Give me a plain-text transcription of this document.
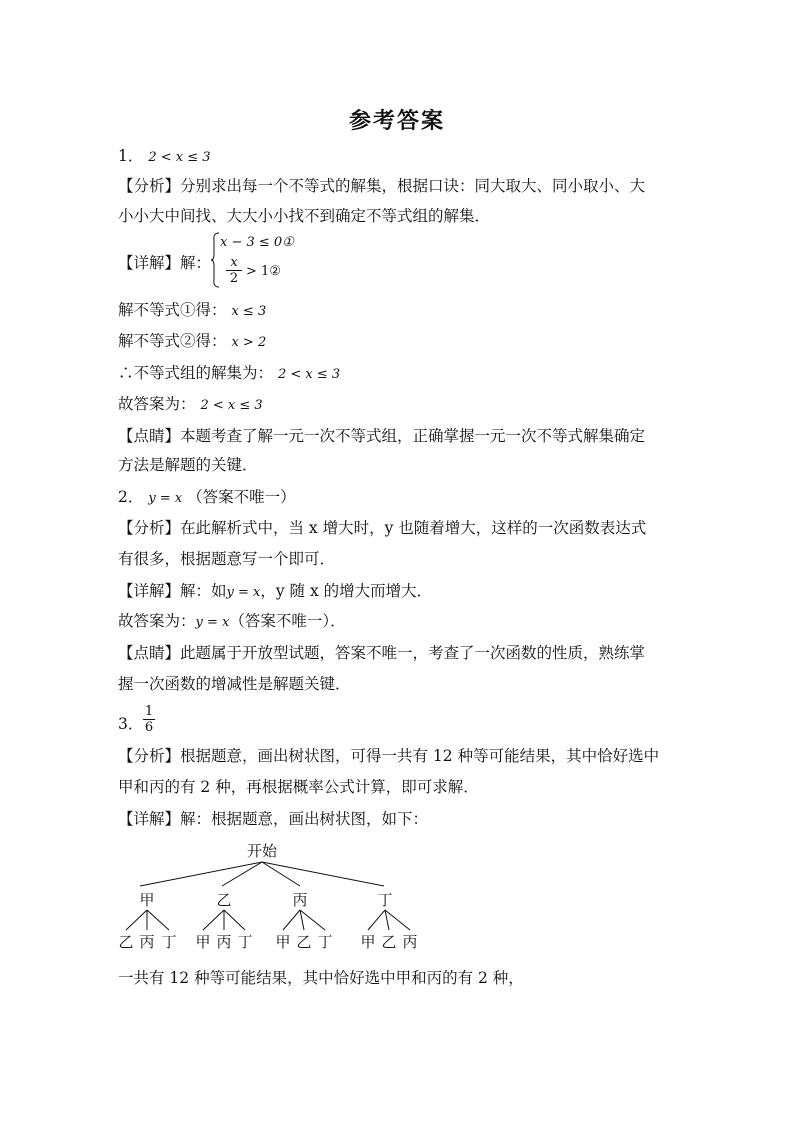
参考答案
1． 2 < x ≤ 3
【分析】分别求出每一个不等式的解集，根据口诀：同大取大、同小取小、大
小小大中间找、大大小小找不到确定不等式组的解集．
【详解】解：
x − 3 ≤ 0①
$\frac{x}{2}$ > 1②
解不等式①得： x ≤ 3
解不等式②得： x > 2
∴不等式组的解集为： 2 < x ≤ 3
故答案为： 2 < x ≤ 3
【点睛】本题考查了解一元一次不等式组，正确掌握一元一次不等式解集确定
方法是解题的关键．
2． y = x （答案不唯一）
【分析】在此解析式中，当 x 增大时，y 也随着增大，这样的一次函数表达式
有很多，根据题意写一个即可．
【详解】解：如y = x，y 随 x 的增大而增大．
故答案为：y = x（答案不唯一）．
【点睛】此题属于开放型试题，答案不唯一，考查了一次函数的性质，熟练掌
握一次函数的增减性是解题关键．
3． $\frac{1}{6}$
【分析】根据题意，画出树状图，可得一共有 12 种等可能结果，其中恰好选中
甲和丙的有 2 种，再根据概率公式计算，即可求解．
【详解】解：根据题意，画出树状图，如下：
开始
甲	乙	丙	丁
乙 丙 丁 甲 丙 丁 甲 乙 丁 甲 乙 丙
一共有 12 种等可能结果，其中恰好选中甲和丙的有 2 种，
